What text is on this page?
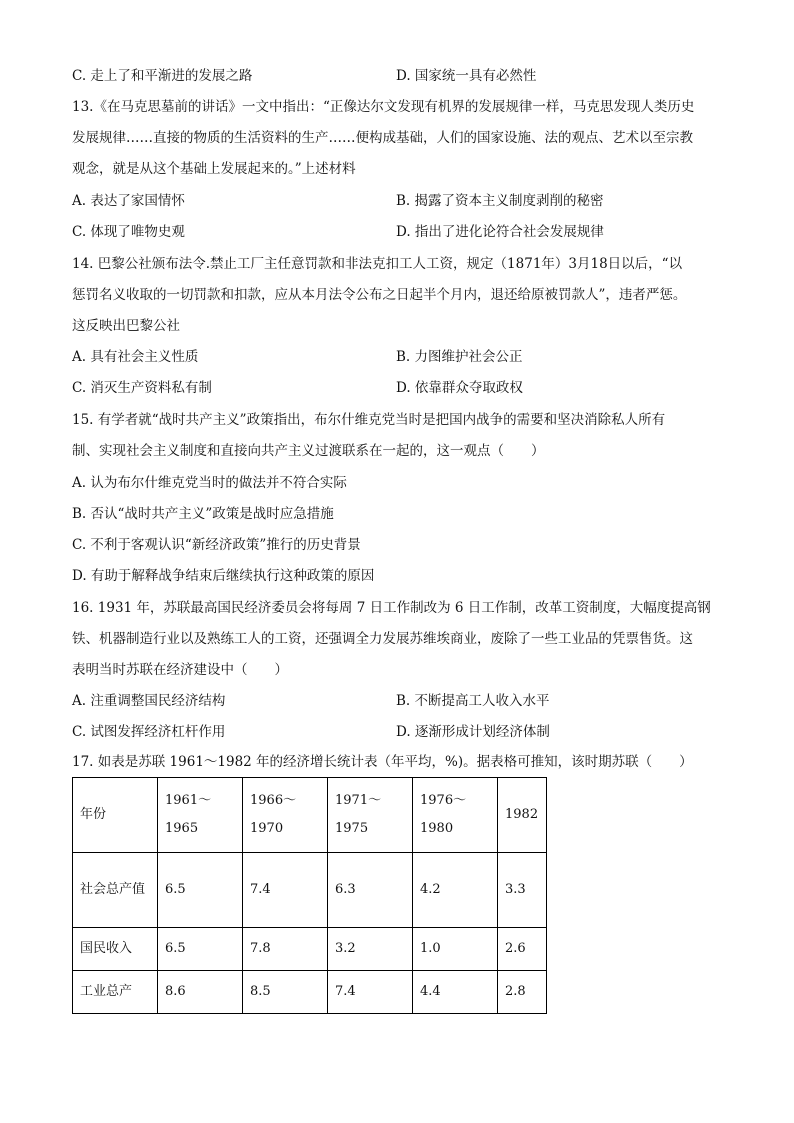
C. 走上了和平渐进的发展之路	D. 国家统一具有必然性
13.《在马克思墓前的讲话》一文中指出：“正像达尔文发现有机界的发展规律一样，马克思发现人类历史
发展规律……直接的物质的生活资料的生产……便构成基础，人们的国家设施、法的观点、艺术以至宗教
观念，就是从这个基础上发展起来的。”上述材料
A. 表达了家国情怀	B. 揭露了资本主义制度剥削的秘密
C. 体现了唯物史观	D. 指出了进化论符合社会发展规律
14. 巴黎公社颁布法令.禁止工厂主任意罚款和非法克扣工人工资，规定（1871年）3月18日以后，“以
惩罚名义收取的一切罚款和扣款，应从本月法令公布之日起半个月内，退还给原被罚款人”，违者严惩。
这反映出巴黎公社
A. 具有社会主义性质	B. 力图维护社会公正
C. 消灭生产资料私有制	D. 依靠群众夺取政权
15. 有学者就“战时共产主义”政策指出，布尔什维克党当时是把国内战争的需要和坚决消除私人所有
制、实现社会主义制度和直接向共产主义过渡联系在一起的，这一观点（　　）
A. 认为布尔什维克党当时的做法并不符合实际
B. 否认“战时共产主义”政策是战时应急措施
C. 不利于客观认识“新经济政策”推行的历史背景
D. 有助于解释战争结束后继续执行这种政策的原因
16. 1931 年，苏联最高国民经济委员会将每周 7 日工作制改为 6 日工作制，改革工资制度，大幅度提高钢
铁、机器制造行业以及熟练工人的工资，还强调全力发展苏维埃商业，废除了一些工业品的凭票售货。这
表明当时苏联在经济建设中（　　）
A. 注重调整国民经济结构	B. 不断提高工人收入水平
C. 试图发挥经济杠杆作用	D. 逐渐形成计划经济体制
17. 如表是苏联 1961～1982 年的经济增长统计表（年平均，%)。据表格可推知，该时期苏联（　　）
年份	1961～1965	1966～1970	1971～1975	1976～1980	1982
社会总产值	6.5	7.4	6.3	4.2	3.3
国民收入	6.5	7.8	3.2	1.0	2.6
工业总产	8.6	8.5	7.4	4.4	2.8
